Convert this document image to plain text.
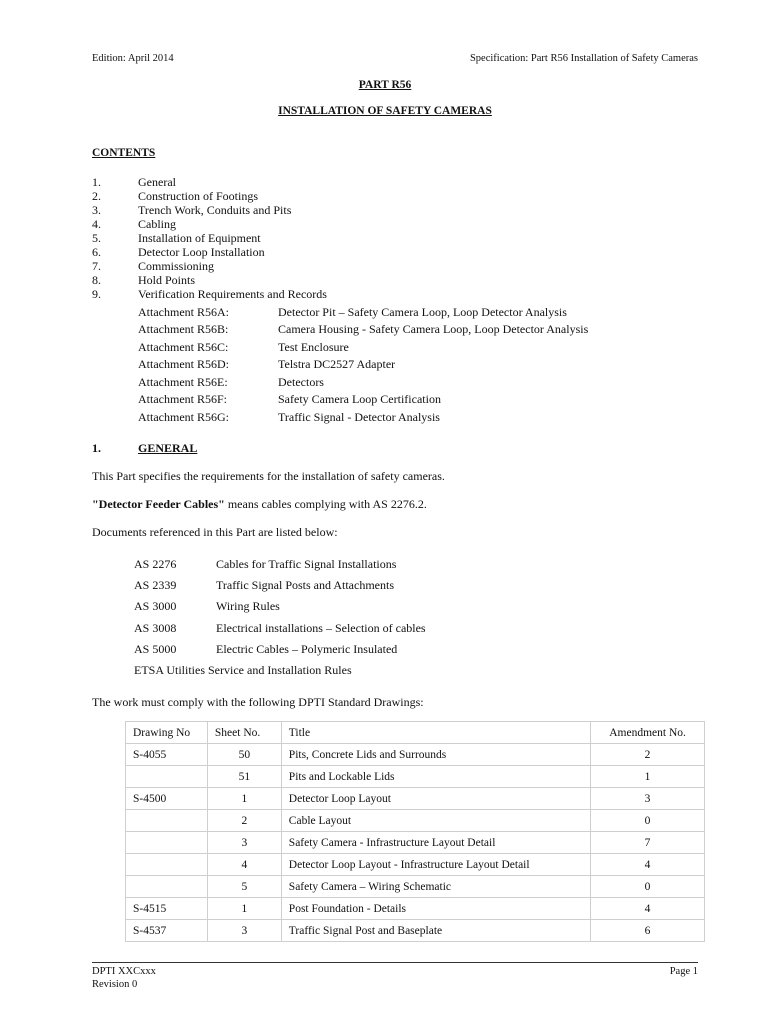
Edition: April 2014	Specification: Part R56 Installation of Safety Cameras
PART R56
INSTALLATION OF SAFETY CAMERAS
CONTENTS
1.	General
2.	Construction of Footings
3.	Trench Work, Conduits and Pits
4.	Cabling
5.	Installation of Equipment
6.	Detector Loop Installation
7.	Commissioning
8.	Hold Points
9.	Verification Requirements and Records
Attachment R56A:	Detector Pit – Safety Camera Loop, Loop Detector Analysis
Attachment R56B:	Camera Housing - Safety Camera Loop, Loop Detector Analysis
Attachment R56C:	Test Enclosure
Attachment R56D:	Telstra DC2527 Adapter
Attachment R56E:	Detectors
Attachment R56F:	Safety Camera Loop Certification
Attachment R56G:	Traffic Signal - Detector Analysis
1.	GENERAL
This Part specifies the requirements for the installation of safety cameras.
"Detector Feeder Cables" means cables complying with AS 2276.2.
Documents referenced in this Part are listed below:
AS 2276	Cables for Traffic Signal Installations
AS 2339	Traffic Signal Posts and Attachments
AS 3000	Wiring Rules
AS 3008	Electrical installations – Selection of cables
AS 5000	Electric Cables – Polymeric Insulated
ETSA Utilities Service and Installation Rules
The work must comply with the following DPTI Standard Drawings:
Drawing No	Sheet No.	Title	Amendment No.
S-4055	50	Pits, Concrete Lids and Surrounds	2
	51	Pits and Lockable Lids	1
S-4500	1	Detector Loop Layout	3
	2	Cable Layout	0
	3	Safety Camera - Infrastructure Layout Detail	7
	4	Detector Loop Layout - Infrastructure Layout Detail	4
	5	Safety Camera – Wiring Schematic	0
S-4515	1	Post Foundation - Details	4
S-4537	3	Traffic Signal Post and Baseplate	6
DPTI XXCxxx
Revision 0
Page 1
